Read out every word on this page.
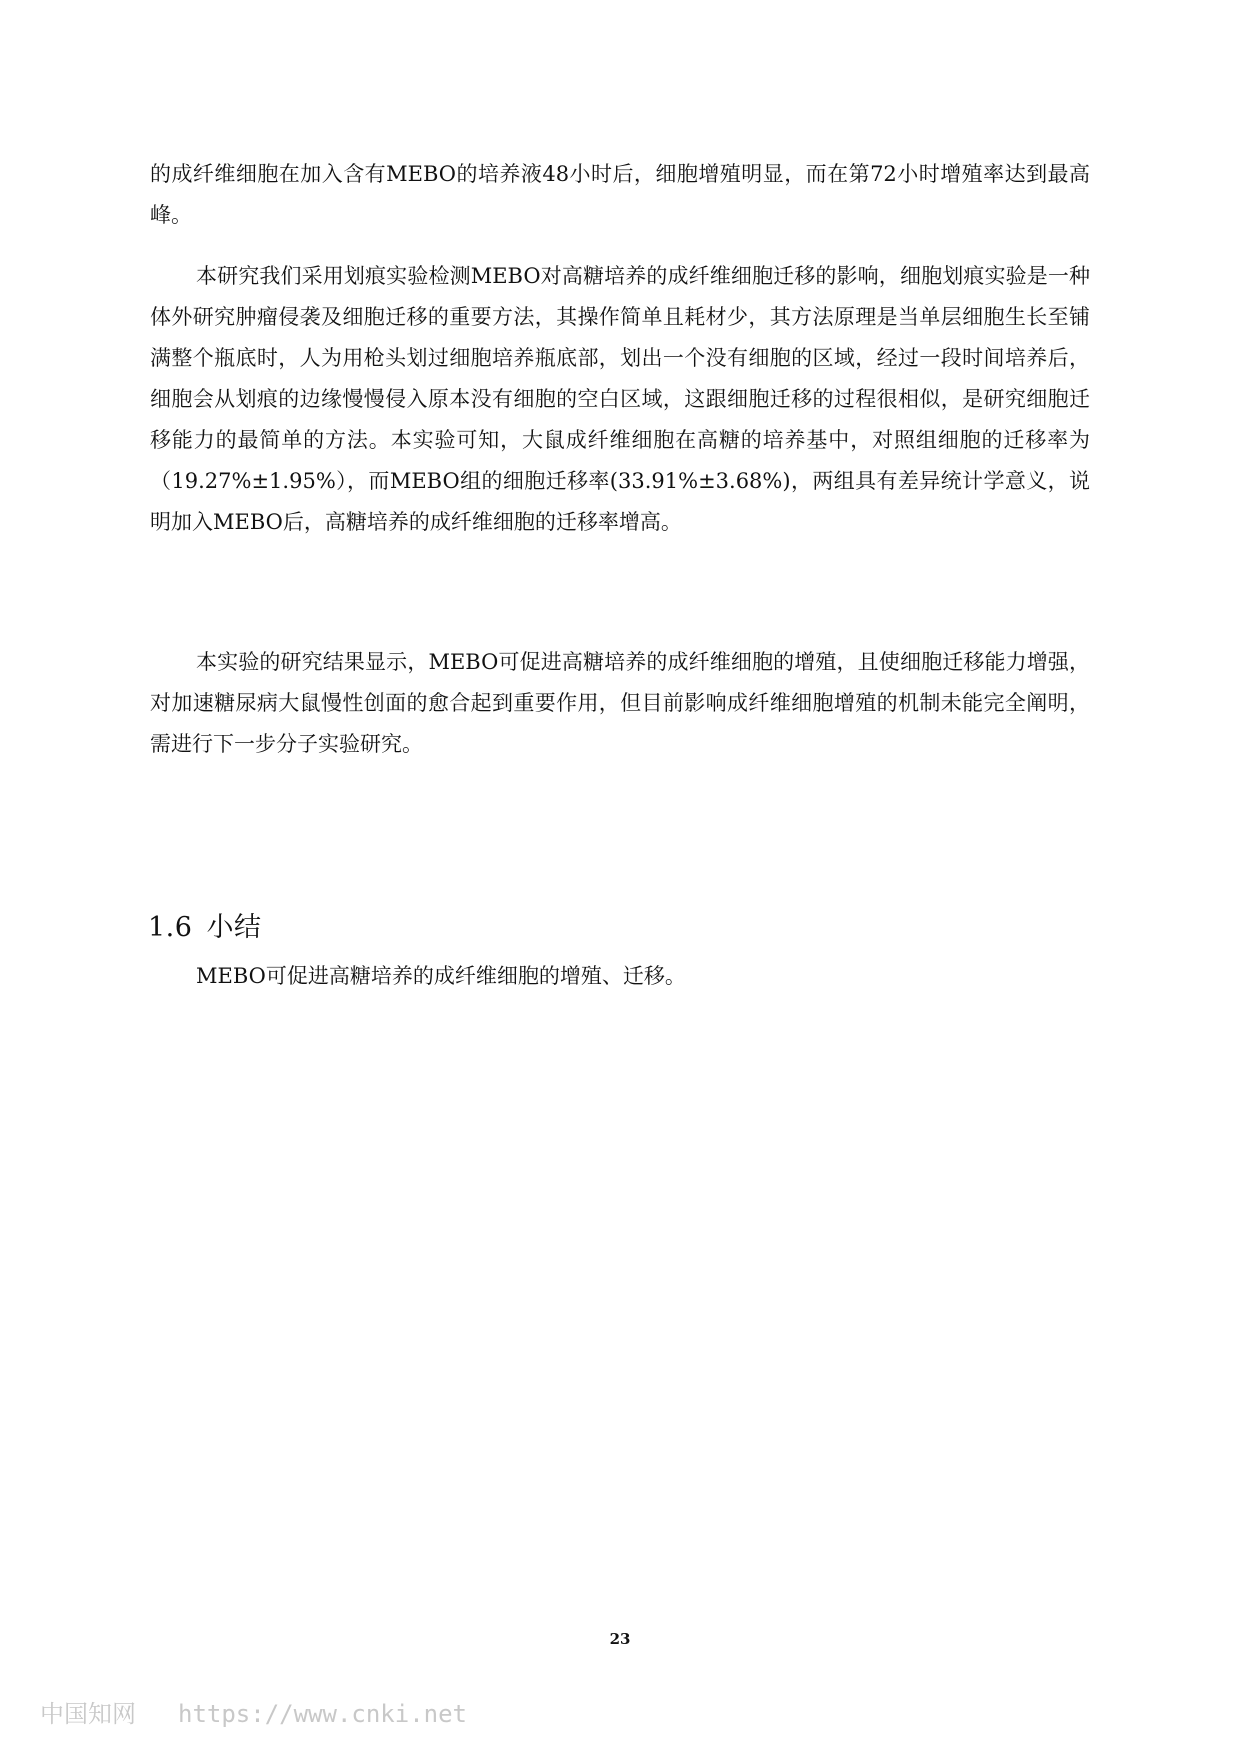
的成纤维细胞在加入含有MEBO的培养液48小时后，细胞增殖明显，而在第72小时增殖率达到最高峰。

本研究我们采用划痕实验检测MEBO对高糖培养的成纤维细胞迁移的影响，细胞划痕实验是一种体外研究肿瘤侵袭及细胞迁移的重要方法，其操作简单且耗材少，其方法原理是当单层细胞生长至铺满整个瓶底时，人为用枪头划过细胞培养瓶底部，划出一个没有细胞的区域，经过一段时间培养后，细胞会从划痕的边缘慢慢侵入原本没有细胞的空白区域，这跟细胞迁移的过程很相似，是研究细胞迁移能力的最简单的方法。本实验可知，大鼠成纤维细胞在高糖的培养基中，对照组细胞的迁移率为（19.27%±1.95%），而MEBO组的细胞迁移率(33.91%±3.68%)，两组具有差异统计学意义，说明加入MEBO后，高糖培养的成纤维细胞的迁移率增高。

本实验的研究结果显示，MEBO可促进高糖培养的成纤维细胞的增殖，且使细胞迁移能力增强，对加速糖尿病大鼠慢性创面的愈合起到重要作用，但目前影响成纤维细胞增殖的机制未能完全阐明，需进行下一步分子实验研究。

1.6 小结

MEBO可促进高糖培养的成纤维细胞的增殖、迁移。

23
中国知网 https://www.cnki.net
